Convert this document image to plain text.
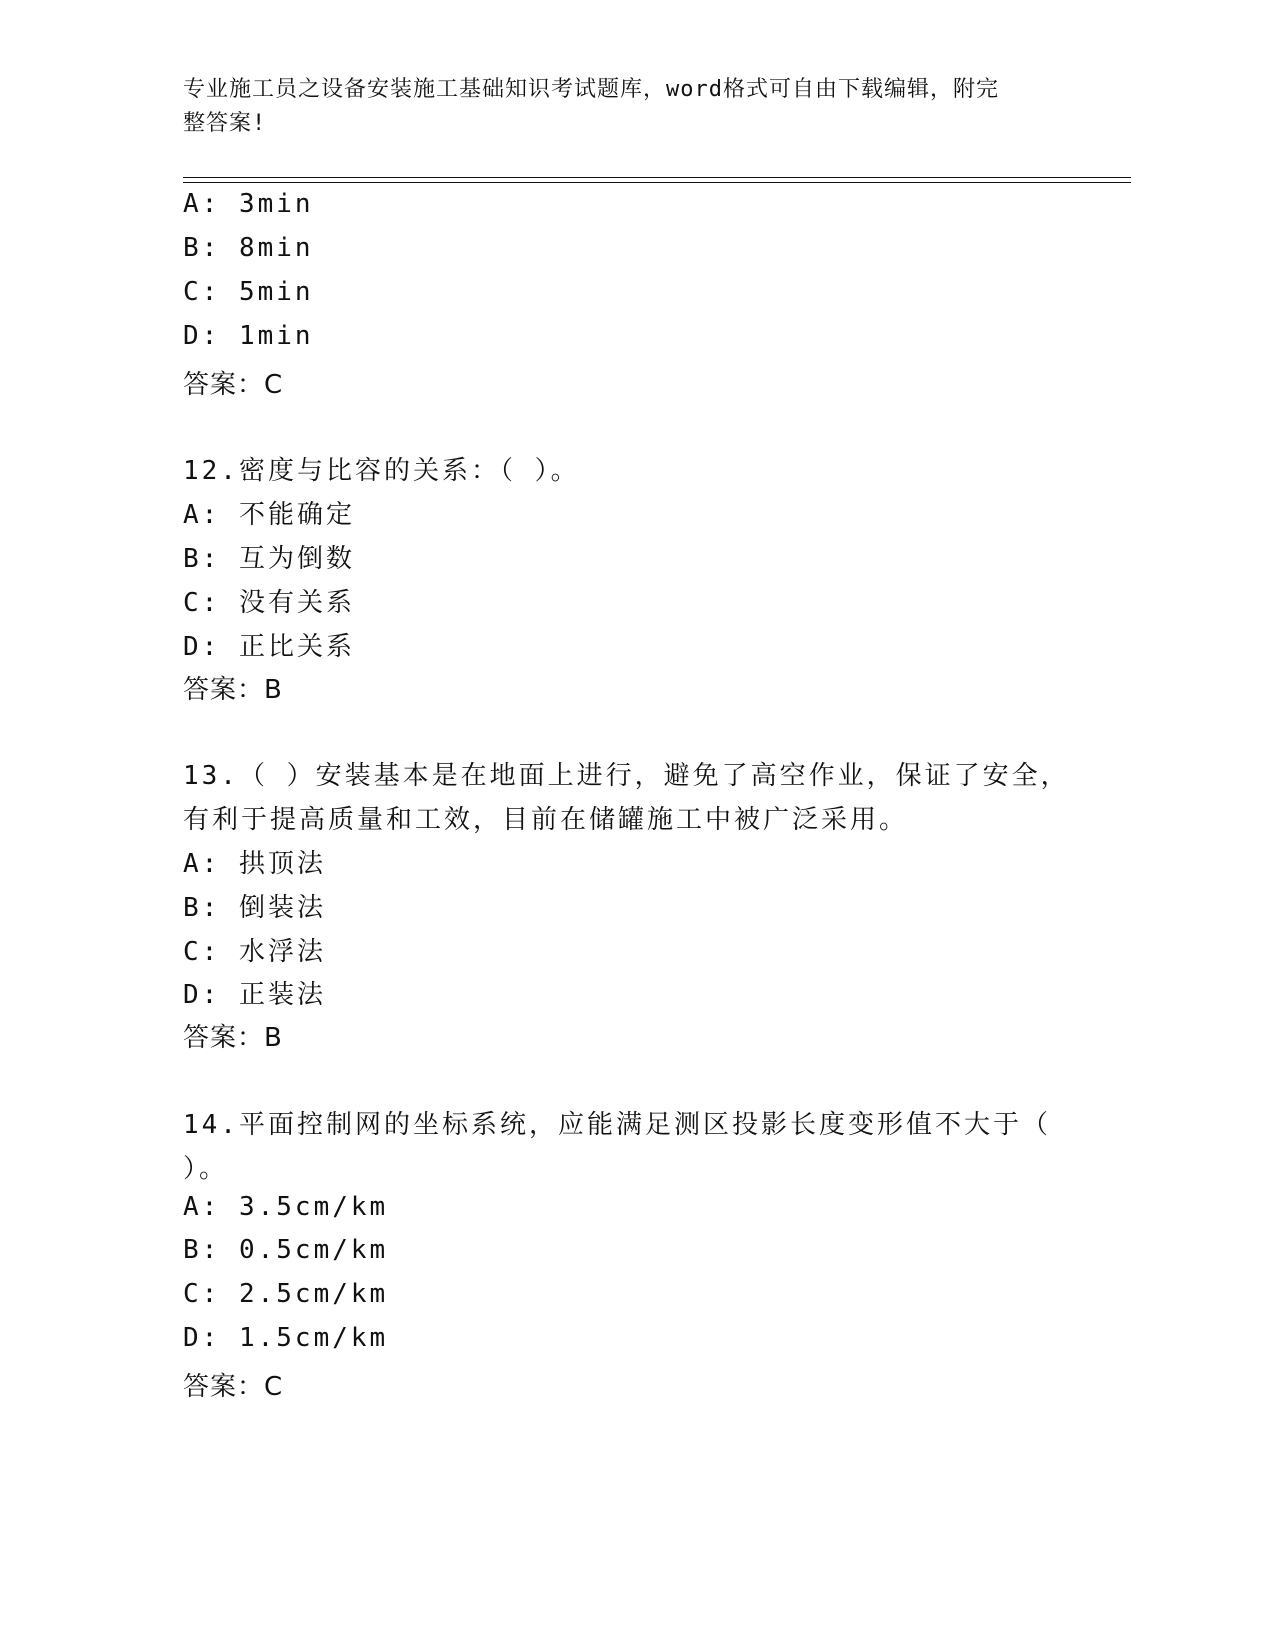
专业施工员之设备安装施工基础知识考试题库，word格式可自由下载编辑，附完
整答案!
A: 3min
B: 8min
C: 5min
D: 1min
答案：C
12.密度与比容的关系：（ ）。
A: 不能确定
B: 互为倒数
C: 没有关系
D: 正比关系
答案：B
13.（ ）安装基本是在地面上进行，避免了高空作业，保证了安全，
有利于提高质量和工效，目前在储罐施工中被广泛采用。
A: 拱顶法
B: 倒装法
C: 水浮法
D: 正装法
答案：B
14.平面控制网的坐标系统，应能满足测区投影长度变形值不大于（
）。
A: 3.5cm/km
B: 0.5cm/km
C: 2.5cm/km
D: 1.5cm/km
答案：C
